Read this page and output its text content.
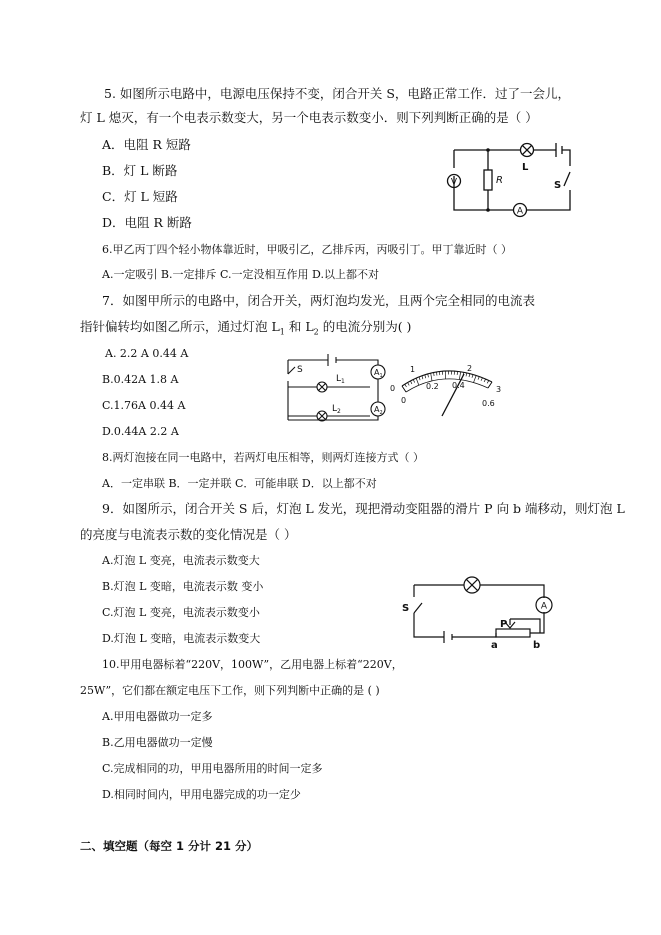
5. 如图所示电路中，电源电压保持不变，闭合开关 S，电路正常工作．过了一会儿，
灯 L 熄灭，有一个电表示数变大，另一个电表示数变小．则下列判断正确的是（ ）
A．电阻 R 短路
B．灯 L 断路
C．灯 L 短路
D．电阻 R 断路
V	R
L
S
A
6.甲乙丙丁四个轻小物体靠近时，甲吸引乙，乙排斥丙，丙吸引丁。甲丁靠近时（ ）
A.一定吸引 B.一定排斥 C.一定没相互作用 D.以上都不对
7．如图甲所示的电路中，闭合开关，两灯泡均发光，且两个完全相同的电流表
指针偏转均如图乙所示，通过灯泡 $L_1$ 和 $L_2$ 的电流分别为( )
A. 2.2 A 0.44 A
B.0.42A 1.8 A
C.1.76A 0.44 A
D.0.44A 2.2 A
S
$L_1$
$L_2$
$A_1$
$A_2$
1	2
3
0
0.2 0.4
0.6
0
8.两灯泡接在同一电路中，若两灯电压相等，则两灯连接方式（ ）
A．一定串联 B．一定并联 C．可能串联 D．以上都不对
9．如图所示，闭合开关 S 后，灯泡 L 发光，现把滑动变阻器的滑片 P 向 b 端移动，则灯泡 L
的亮度与电流表示数的变化情况是（ ）
A.灯泡 L 变亮，电流表示数变大
B.灯泡 L 变暗，电流表示数 变小
C.灯泡 L 变亮，电流表示数变小
D.灯泡 L 变暗，电流表示数变大
S	A
P
a	b
10.甲用电器标着“220V，100W”，乙用电器上标着“220V，
25W”，它们都在额定电压下工作，则下列判断中正确的是 ( )
A.甲用电器做功一定多
B.乙用电器做功一定慢
C.完成相同的功，甲用电器所用的时间一定多
D.相同时间内，甲用电器完成的功一定少
二、填空题（每空 1 分计 21 分）
